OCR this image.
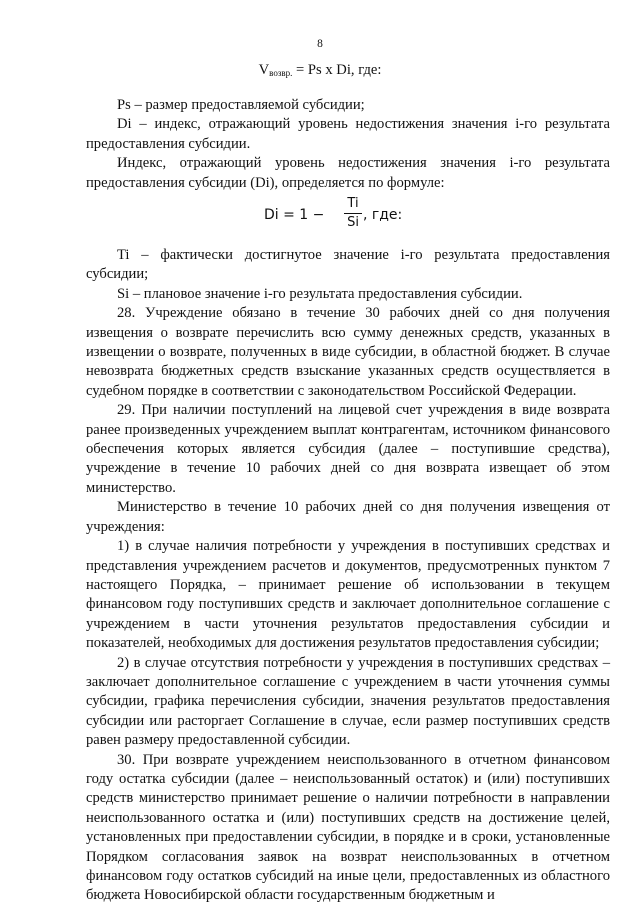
8
$V_{возвр.} = Ps$ x Di, где:

Ps – размер предоставляемой субсидии;

Di – индекс, отражающий уровень недостижения значения i-го результата предоставления субсидии.

Индекс, отражающий уровень недостижения значения i-го результата предоставления субсидии (Di), определяется по формуле:

Di = 1 −
Ti
Si , где:

Ti – фактически достигнутое значение i-го результата предоставления субсидии;

Si – плановое значение i-го результата предоставления субсидии.

28. Учреждение обязано в течение 30 рабочих дней со дня получения извещения о возврате перечислить всю сумму денежных средств, указанных в извещении о возврате, полученных в виде субсидии, в областной бюджет. В случае невозврата бюджетных средств взыскание указанных средств осуществляется в судебном порядке в соответствии с законодательством Российской Федерации.

29. При наличии поступлений на лицевой счет учреждения в виде возврата ранее произведенных учреждением выплат контрагентам, источником финансового обеспечения которых является субсидия (далее – поступившие средства), учреждение в течение 10 рабочих дней со дня возврата извещает об этом министерство.

Министерство в течение 10 рабочих дней со дня получения извещения от учреждения:

1) в случае наличия потребности у учреждения в поступивших средствах и представления учреждением расчетов и документов, предусмотренных пунктом 7 настоящего Порядка, – принимает решение об использовании в текущем финансовом году поступивших средств и заключает дополнительное соглашение с учреждением в части уточнения результатов предоставления субсидии и показателей, необходимых для достижения результатов предоставления субсидии;

2) в случае отсутствия потребности у учреждения в поступивших средствах – заключает дополнительное соглашение с учреждением в части уточнения суммы субсидии, графика перечисления субсидии, значения результатов предоставления субсидии или расторгает Соглашение в случае, если размер поступивших средств равен размеру предоставленной субсидии.

30. При возврате учреждением неиспользованного в отчетном финансовом году остатка субсидии (далее – неиспользованный остаток) и (или) поступивших средств министерство принимает решение о наличии потребности в направлении неиспользованного остатка и (или) поступивших средств на достижение целей, установленных при предоставлении субсидии, в порядке и в сроки, установленные Порядком согласования заявок на возврат неиспользованных в отчетном финансовом году остатков субсидий на иные цели, предоставленных из областного бюджета Новосибирской области государственным бюджетным и
